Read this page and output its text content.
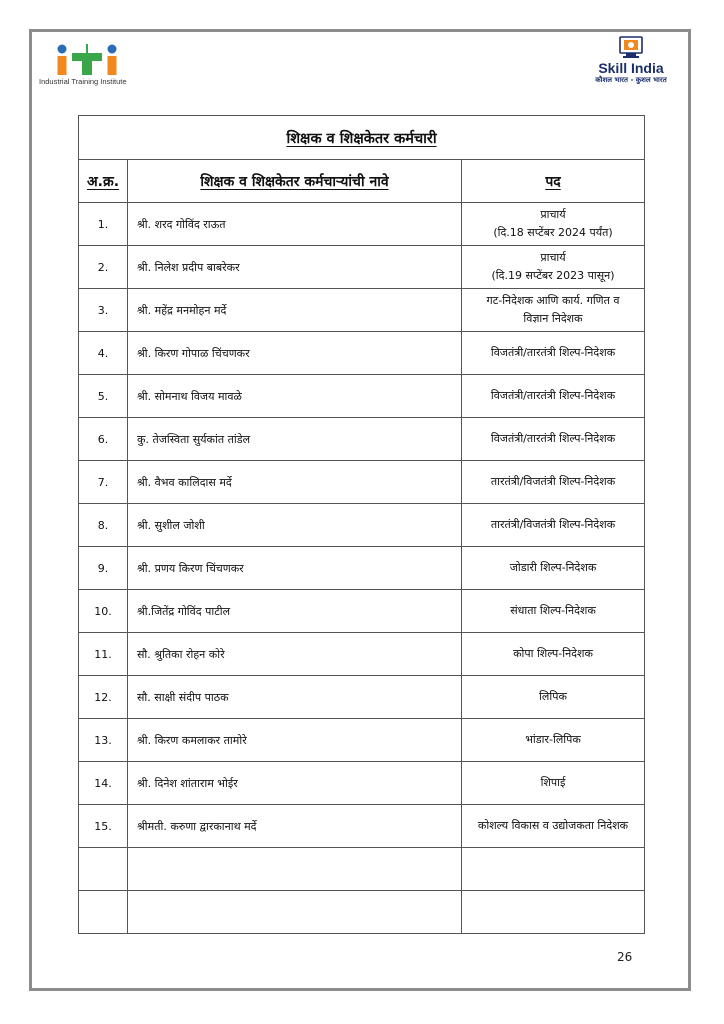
Industrial Training Institute
Skill India
कौशल भारत - कुशल भारत
शिक्षक व शिक्षकेतर कर्मचारी		
अ.क्र.	शिक्षक व शिक्षकेतर कर्मचाऱ्यांची नावे	पद
1.	श्री. शरद गोविंद राऊत	प्राचार्य
(दि.18 सप्टेंबर 2024 पर्यंत)

2.	श्री. निलेश प्रदीप बाबरेकर	प्राचार्य
(दि.19 सप्टेंबर 2023 पासून)

3.	श्री. महेंद्र मनमोहन मर्दे	गट-निदेशक आणि कार्य. गणित व
विज्ञान निदेशक

4.	श्री. किरण गोपाळ चिंचणकर	विजतंत्री/तारतंत्री शिल्प-निदेशक

5.	श्री. सोमनाथ विजय मावळे	विजतंत्री/तारतंत्री शिल्प-निदेशक

6.	कु. तेजस्विता सुर्यकांत तांडेल	विजतंत्री/तारतंत्री शिल्प-निदेशक

7.	श्री. वैभव कालिदास मर्दे	तारतंत्री/विजतंत्री शिल्प-निदेशक

8.	श्री. सुशील जोशी	तारतंत्री/विजतंत्री शिल्प-निदेशक

9.	श्री. प्रणय किरण चिंचणकर	जोडारी शिल्प-निदेशक

10.	श्री.जितेंद्र गोविंद पाटील	संधाता शिल्प-निदेशक

11.	सौ. श्रुतिका रोहन कोरे	कोपा शिल्प-निदेशक

12.	सौ. साक्षी संदीप पाठक	लिपिक

13.	श्री. किरण कमलाकर तामोरे	भांडार-लिपिक

14.	श्री. दिनेश शांताराम भोईर	शिपाई

15.	श्रीमती. करुणा द्वारकानाथ मर्दे	कोशल्य विकास व उद्योजकता निदेशक

26
